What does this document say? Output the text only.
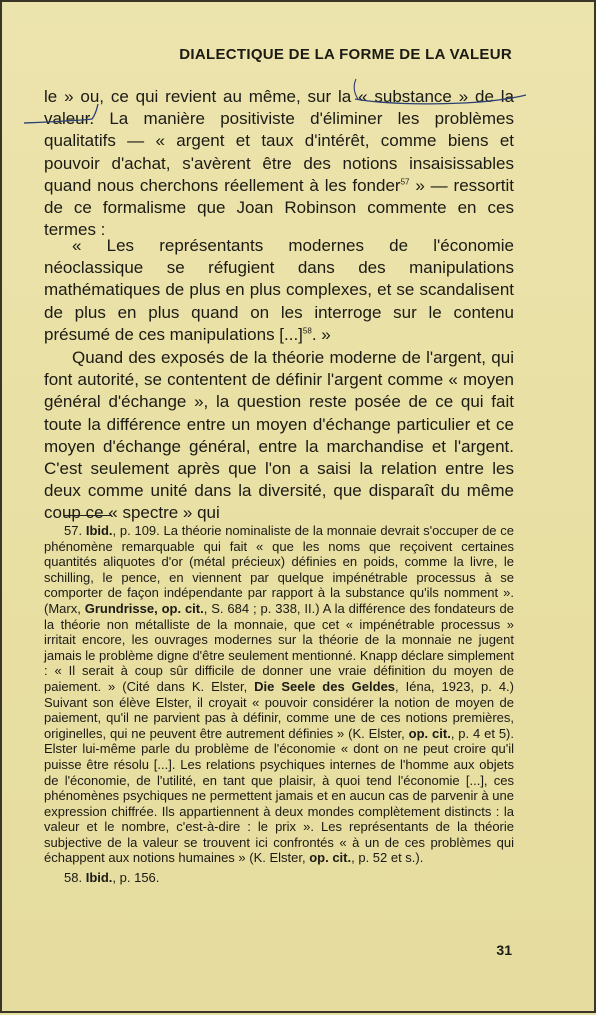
DIALECTIQUE DE LA FORME DE LA VALEUR

le » ou, ce qui revient au même, sur la « substance » de la valeur. La manière positiviste d'éliminer les problèmes qualitatifs — « argent et taux d'intérêt, comme biens et pouvoir d'achat, s'avèrent être des notions insaisissables quand nous cherchons réellement à les fonder$^{57}$ » — ressortit de ce formalisme que Joan Robinson commente en ces termes :

« Les représentants modernes de l'économie néoclassique se réfugient dans des manipulations mathématiques de plus en plus complexes, et se scandalisent de plus en plus quand on les interroge sur le contenu présumé de ces manipulations [...]$^{58}$. »

Quand des exposés de la théorie moderne de l'argent, qui font autorité, se contentent de définir l'argent comme « moyen général d'échange », la question reste posée de ce qui fait toute la différence entre un moyen d'échange particulier et ce moyen d'échange général, entre la marchandise et l'argent. C'est seulement après que l'on a saisi la relation entre les deux comme unité dans la diversité, que disparaît du même coup ce « spectre » qui

57. Ibid., p. 109. La théorie nominaliste de la monnaie devrait s'occuper de ce phénomène remarquable qui fait « que les noms que reçoivent certaines quantités aliquotes d'or (métal précieux) définies en poids, comme la livre, le schilling, le pence, en viennent par quelque impénétrable processus à se comporter de façon indépendante par rapport à la substance qu'ils nomment ». (Marx, Grundrisse, op. cit., S. 684 ; p. 338, II.) A la différence des fondateurs de la théorie non métalliste de la monnaie, que cet « impénétrable processus » irritait encore, les ouvrages modernes sur la théorie de la monnaie ne jugent jamais le problème digne d'être seulement mentionné. Knapp déclare simplement : « Il serait à coup sûr difficile de donner une vraie définition du moyen de paiement. » (Cité dans K. Elster, Die Seele des Geldes, Iéna, 1923, p. 4.) Suivant son élève Elster, il croyait « pouvoir considérer la notion de moyen de paiement, qu'il ne parvient pas à définir, comme une de ces notions premières, originelles, qui ne peuvent être autrement définies » (K. Elster, op. cit., p. 4 et 5). Elster lui-même parle du problème de l'économie « dont on ne peut croire qu'il puisse être résolu [...]. Les relations psychiques internes de l'homme aux objets de l'économie, de l'utilité, en tant que plaisir, à quoi tend l'économie [...], ces phénomènes psychiques ne permettent jamais et en aucun cas de parvenir à une expression chiffrée. Ils appartiennent à deux mondes complètement distincts : la valeur et le nombre, c'est-à-dire : le prix ». Les représentants de la théorie subjective de la valeur se trouvent ici confrontés « à un de ces problèmes qui échappent aux notions humaines » (K. Elster, op. cit., p. 52 et s.).

58. Ibid., p. 156.

31
